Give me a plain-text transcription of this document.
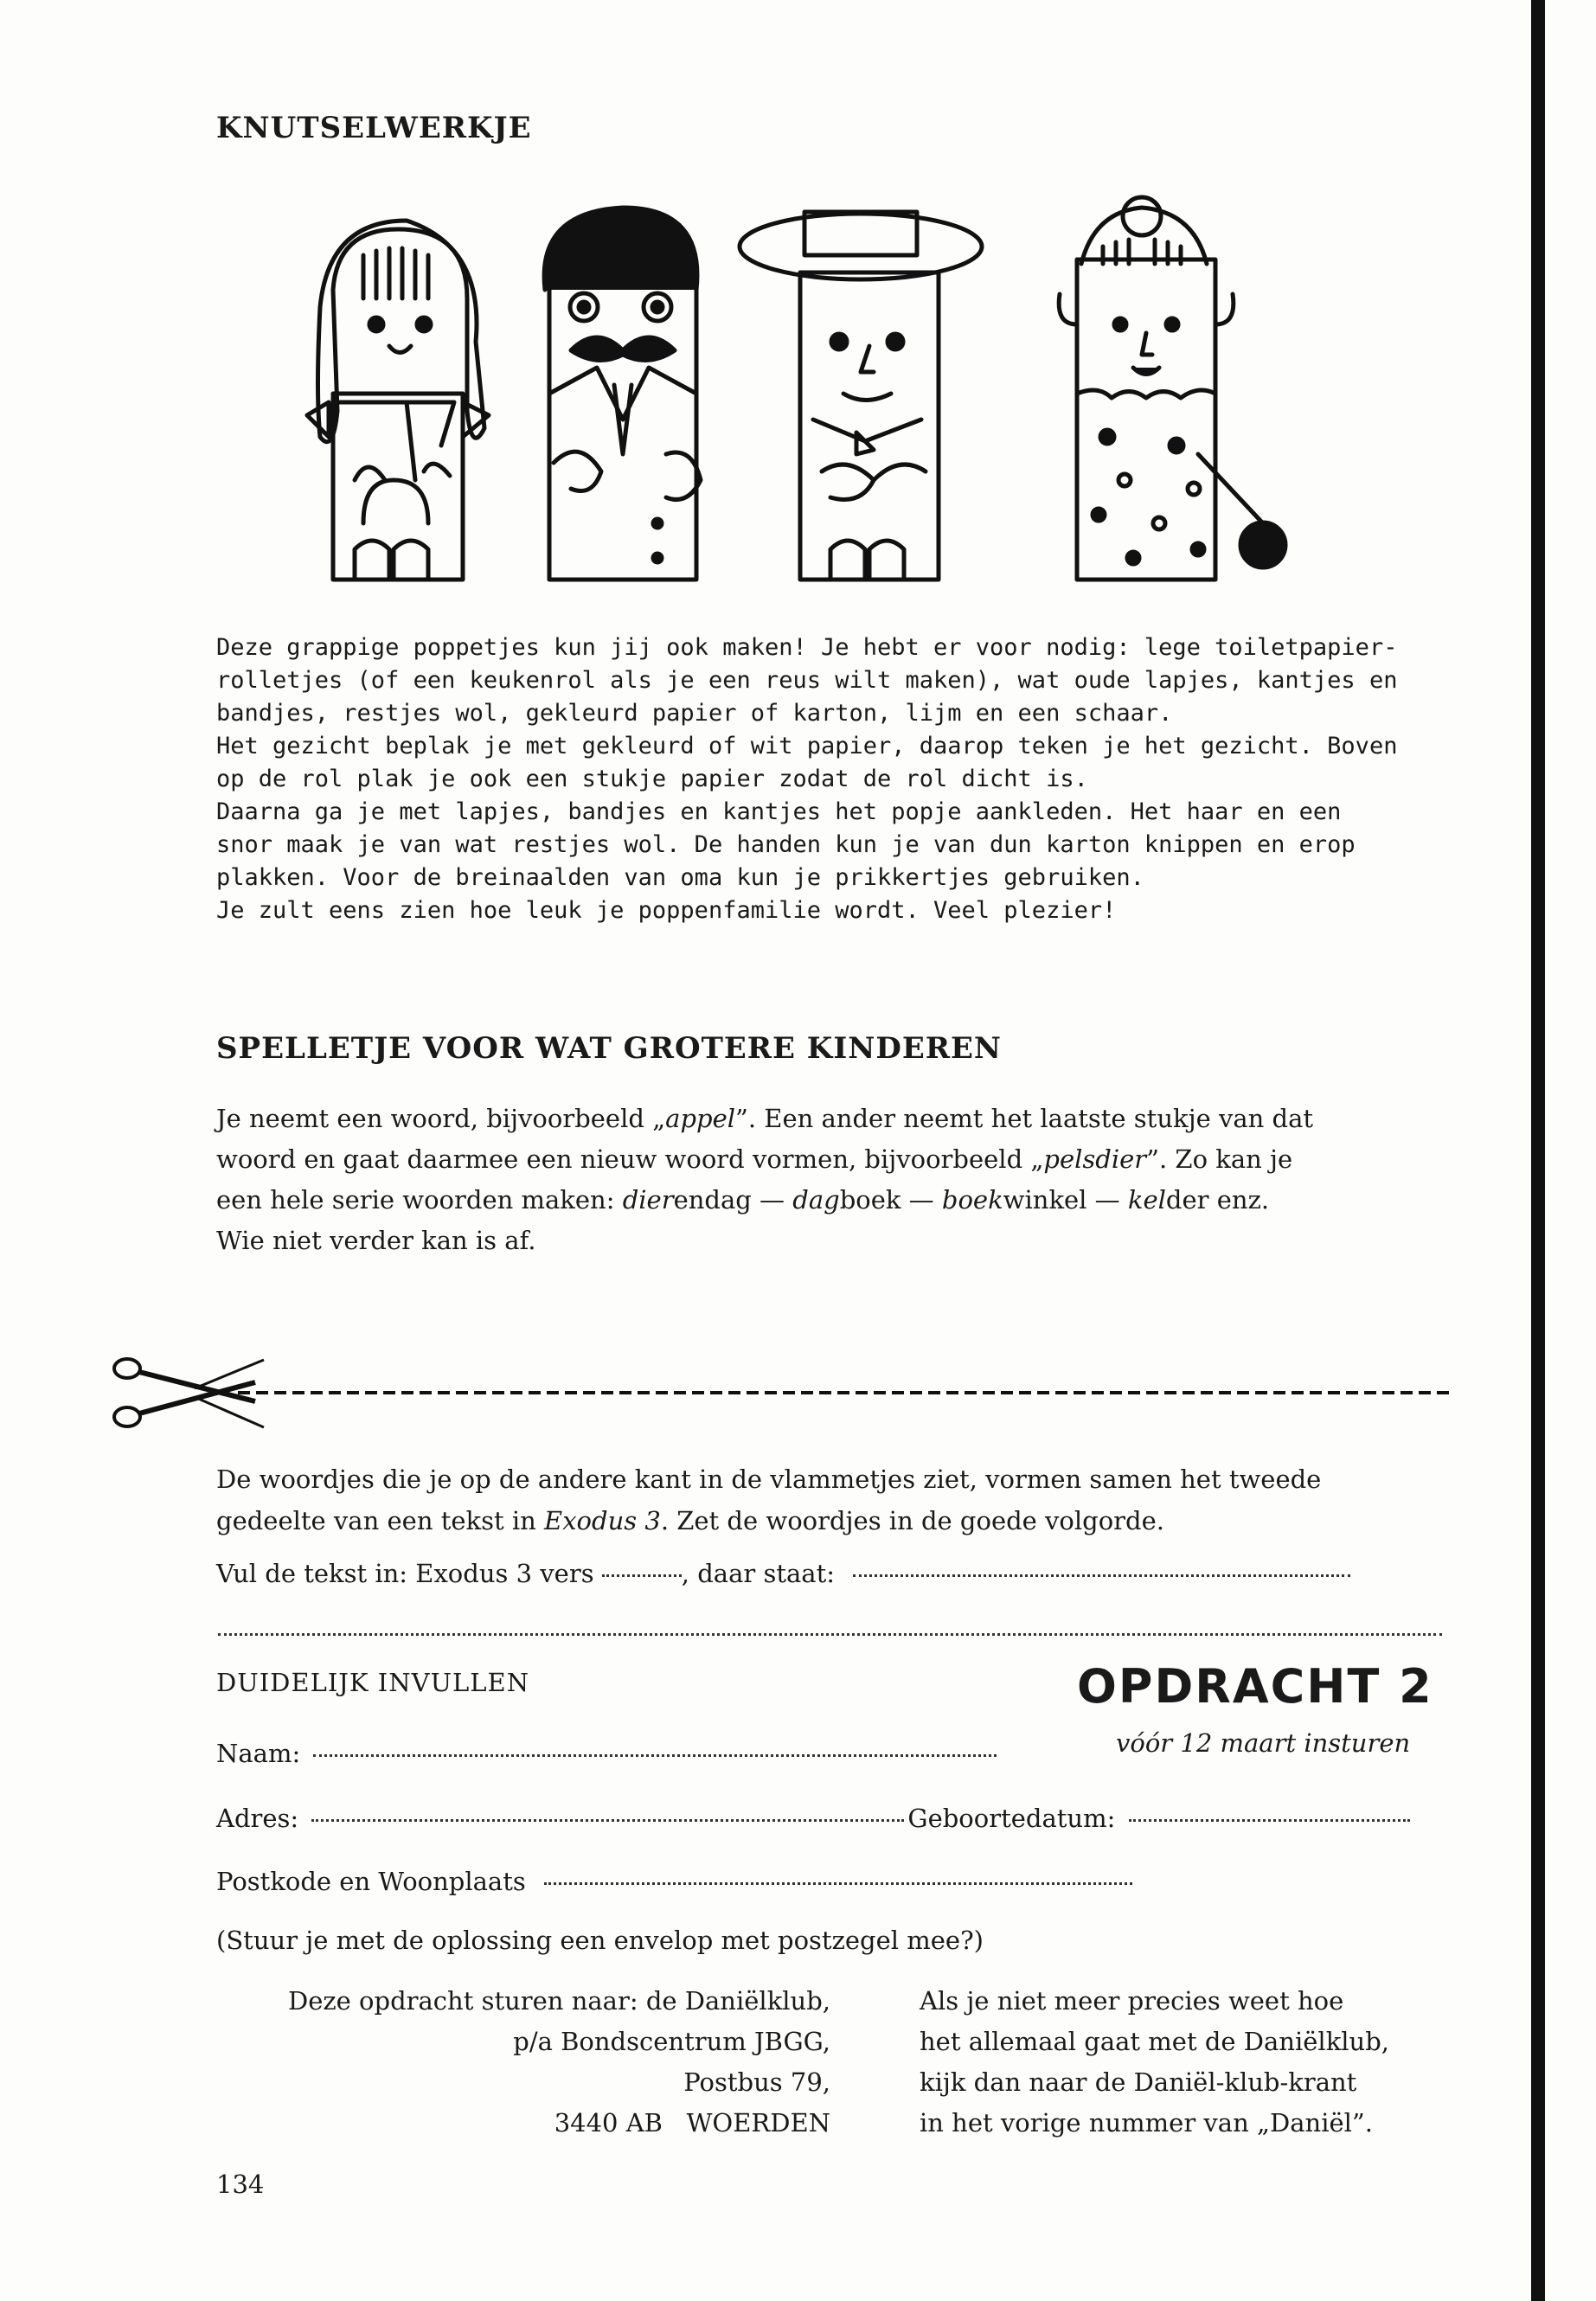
KNUTSELWERKJE
Deze grappige poppetjes kun jij ook maken! Je hebt er voor nodig: lege toiletpapier-
rolletjes (of een keukenrol als je een reus wilt maken), wat oude lapjes, kantjes en
bandjes, restjes wol, gekleurd papier of karton, lijm en een schaar.
Het gezicht beplak je met gekleurd of wit papier, daarop teken je het gezicht. Boven
op de rol plak je ook een stukje papier zodat de rol dicht is.
Daarna ga je met lapjes, bandjes en kantjes het popje aankleden. Het haar en een
snor maak je van wat restjes wol. De handen kun je van dun karton knippen en erop
plakken. Voor de breinaalden van oma kun je prikkertjes gebruiken.
Je zult eens zien hoe leuk je poppenfamilie wordt. Veel plezier!
SPELLETJE VOOR WAT GROTERE KINDEREN
Je neemt een woord, bijvoorbeeld „appel”. Een ander neemt het laatste stukje van dat
woord en gaat daarmee een nieuw woord vormen, bijvoorbeeld „pelsdier”. Zo kan je
een hele serie woorden maken: dierendag — dagboek — boekwinkel — kelder enz.
Wie niet verder kan is af.
De woordjes die je op de andere kant in de vlammetjes ziet, vormen samen het tweede
gedeelte van een tekst in Exodus 3. Zet de woordjes in de goede volgorde.
Vul de tekst in: Exodus 3 vers	, daar staat:
DUIDELIJK INVULLEN	OPDRACHT 2
vóór 12 maart insturen
Naam:
Adres:	Geboortedatum:
Postkode en Woonplaats
(Stuur je met de oplossing een envelop met postzegel mee?)
Deze opdracht sturen naar: de Daniëlklub,
p/a Bondscentrum JBGG,
Postbus 79,
3440 AB   WOERDEN
Als je niet meer precies weet hoe
het allemaal gaat met de Daniëlklub,
kijk dan naar de Daniël-klub-krant
in het vorige nummer van „Daniël”.
134
